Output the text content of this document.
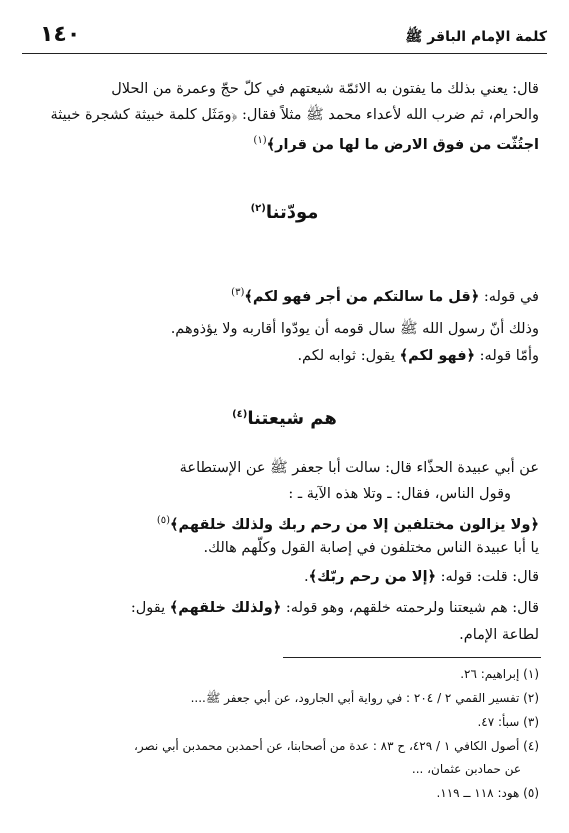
كلمة الإمام الباقر ﷺ
١٤٠
قال: يعني بذلك ما يفتون به الائمّة شيعتهم في كلّ حجّ وعمرة من الحلال
والحرام، ثم ضرب الله لأعداء محمد ﷺ مثلاً فقال: ﴿ومَثَل كلمة خبيثة كشجرة خبيثة
اجتُثّت من فوق الارض ما لها من قرار﴾$^{(١)}$
مودّتنا$^{(٢)}$
في قوله: ﴿قل ما سالتكم من أجر فهو لكم﴾$^{(٣)}$
وذلك أنّ رسول الله ﷺ سال قومه أن يودّوا أقاربه ولا يؤذوهم.
وأمّا قوله: ﴿فهو لكم﴾ يقول: ثوابه لكم.
هم شيعتنا$^{(٤)}$
عن أبي عبيدة الحذّاء قال: سالت أبا جعفر ﷺ عن الإستطاعة
وقول الناس، فقال: ـ وتلا هذه الآية ـ :
﴿ولا يزالون مختلفين إلا من رحم ربك ولذلك خلقهم﴾$^{(٥)}$
يا أبا عبيدة الناس مختلفون في إصابة القول وكلّهم هالك.
قال: قلت: قوله: ﴿إلا من رحم ربّك﴾.
قال: هم شيعتنا ولرحمته خلقهم، وهو قوله: ﴿ولذلك خلقهم﴾ يقول:
لطاعة الإمام.
(١) إبراهيم: ٢٦.
(٢) تفسير القمي ٢ / ٢٠٤ : في رواية أبي الجارود، عن أبي جعفر ﷺ....
(٣) سبأ: ٤٧.
(٤) أصول الكافي ١ / ٤٢٩، ح ٨٣ : عدة من أصحابنا، عن أحمدبن محمدبن أبي نصر،
عن حمادبن عثمان، ...
(٥) هود: ١١٨ ــ ١١٩.
